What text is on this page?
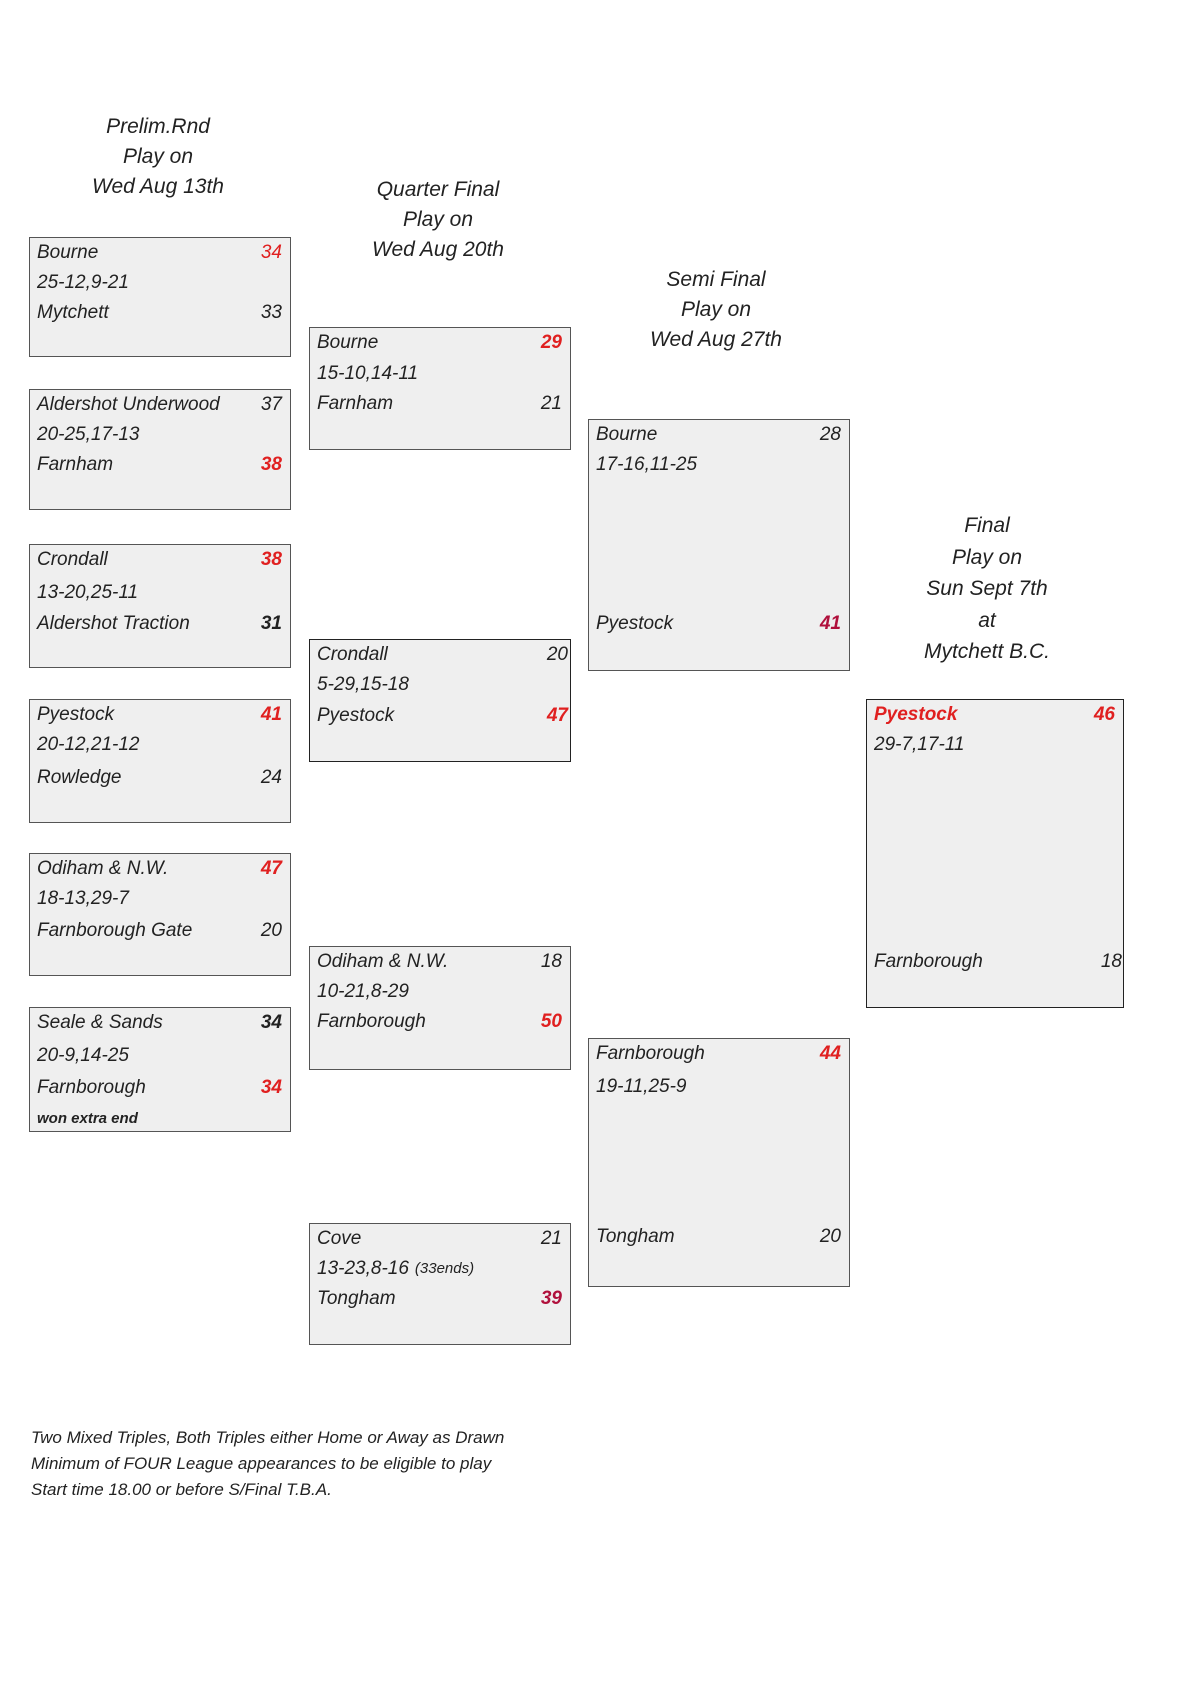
Prelim.Rnd
Play on
Wed Aug 13th	Quarter Final
Play on
Wed Aug 20th
Semi Final
Play on
Wed Aug 27th
Final
Play on
Sun Sept 7th
at
Mytchett B.C.
Bourne	34
25-12,9-21
Mytchett	33
Aldershot Underwood 37
20-25,17-13
Farnham	38
Crondall	38
13-20,25-11
Aldershot Traction	31
Pyestock	41
20-12,21-12
Rowledge	24
Odiham & N.W.	47
18-13,29-7
Farnborough Gate	20
Seale & Sands	34
20-9,14-25
Farnborough	34
won extra end
Bourne	29
15-10,14-11
Farnham	21
Crondall	20
5-29,15-18
Pyestock	47
Odiham & N.W.	18
10-21,8-29
Farnborough	50
Cove	21
13-23,8-16 (33ends)
Tongham	39
Bourne	28
17-16,11-25
Pyestock	41
Farnborough	44
19-11,25-9
Tongham	20
Pyestock	46
29-7,17-11
Farnborough	18
Two Mixed Triples, Both Triples either Home or Away as Drawn
Minimum of FOUR League appearances to be eligible to play
Start time 18.00 or before S/Final T.B.A.
